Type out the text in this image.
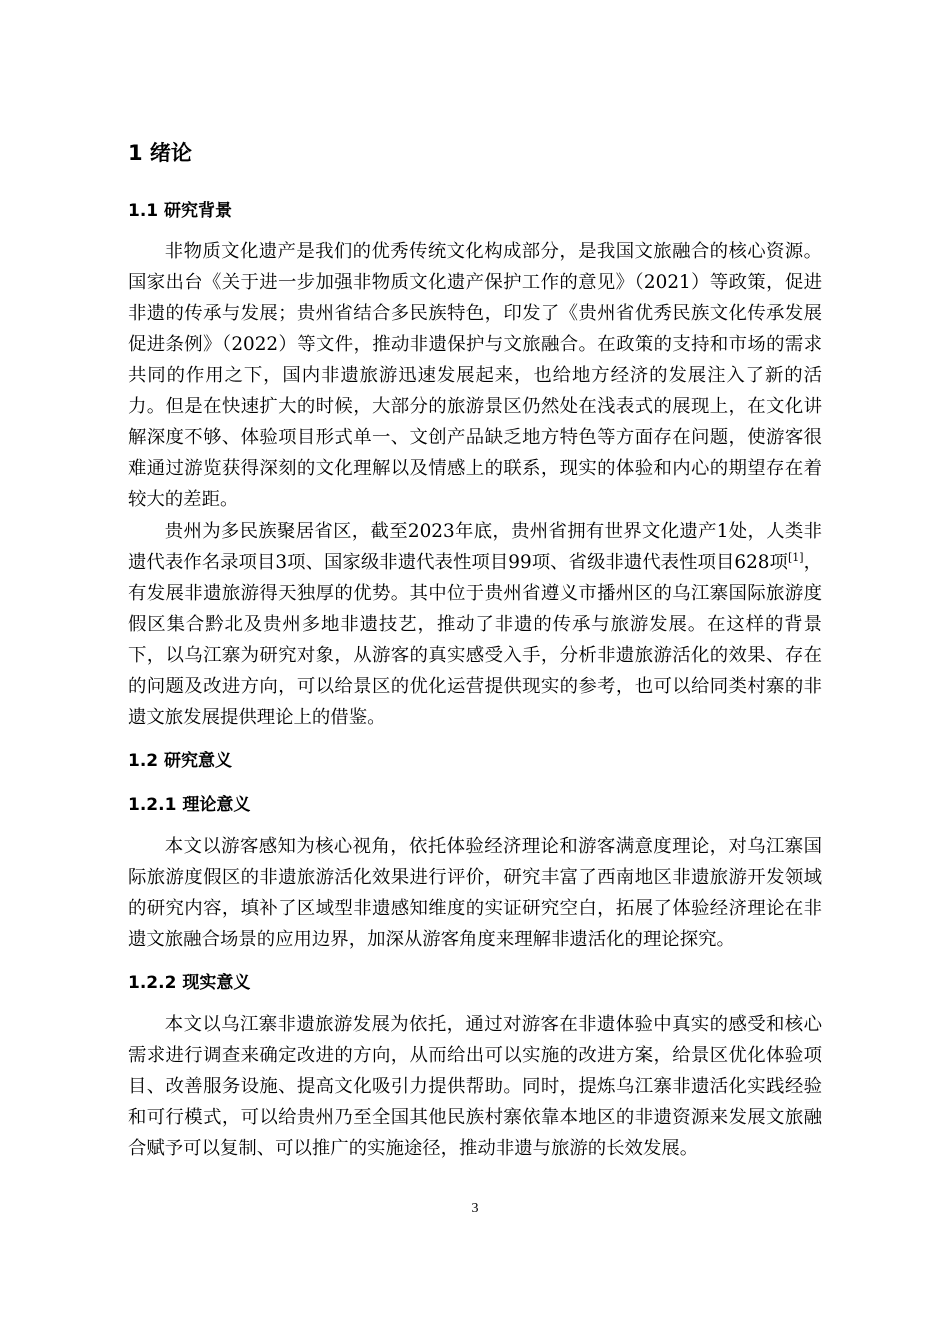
1 绪论
1.1 研究背景

非物质文化遗产是我们的优秀传统文化构成部分，是我国文旅融合的核心资源。国家出台《关于进一步加强非物质文化遗产保护工作的意见》（2021）等政策，促进非遗的传承与发展；贵州省结合多民族特色，印发了《贵州省优秀民族文化传承发展促进条例》（2022）等文件，推动非遗保护与文旅融合。在政策的支持和市场的需求共同的作用之下，国内非遗旅游迅速发展起来，也给地方经济的发展注入了新的活力。但是在快速扩大的时候，大部分的旅游景区仍然处在浅表式的展现上，在文化讲解深度不够、体验项目形式单一、文创产品缺乏地方特色等方面存在问题，使游客很难通过游览获得深刻的文化理解以及情感上的联系，现实的体验和内心的期望存在着较大的差距。

贵州为多民族聚居省区，截至2023年底，贵州省拥有世界文化遗产1处，人类非遗代表作名录项目3项、国家级非遗代表性项目99项、省级非遗代表性项目628项[1]，有发展非遗旅游得天独厚的优势。其中位于贵州省遵义市播州区的乌江寨国际旅游度假区集合黔北及贵州多地非遗技艺，推动了非遗的传承与旅游发展。在这样的背景下，以乌江寨为研究对象，从游客的真实感受入手，分析非遗旅游活化的效果、存在的问题及改进方向，可以给景区的优化运营提供现实的参考，也可以给同类村寨的非遗文旅发展提供理论上的借鉴。

1.2 研究意义
1.2.1 理论意义

本文以游客感知为核心视角，依托体验经济理论和游客满意度理论，对乌江寨国际旅游度假区的非遗旅游活化效果进行评价，研究丰富了西南地区非遗旅游开发领域的研究内容，填补了区域型非遗感知维度的实证研究空白，拓展了体验经济理论在非遗文旅融合场景的应用边界，加深从游客角度来理解非遗活化的理论探究。

1.2.2 现实意义

本文以乌江寨非遗旅游发展为依托，通过对游客在非遗体验中真实的感受和核心需求进行调查来确定改进的方向，从而给出可以实施的改进方案，给景区优化体验项目、改善服务设施、提高文化吸引力提供帮助。同时，提炼乌江寨非遗活化实践经验和可行模式，可以给贵州乃至全国其他民族村寨依靠本地区的非遗资源来发展文旅融合赋予可以复制、可以推广的实施途径，推动非遗与旅游的长效发展。

3
